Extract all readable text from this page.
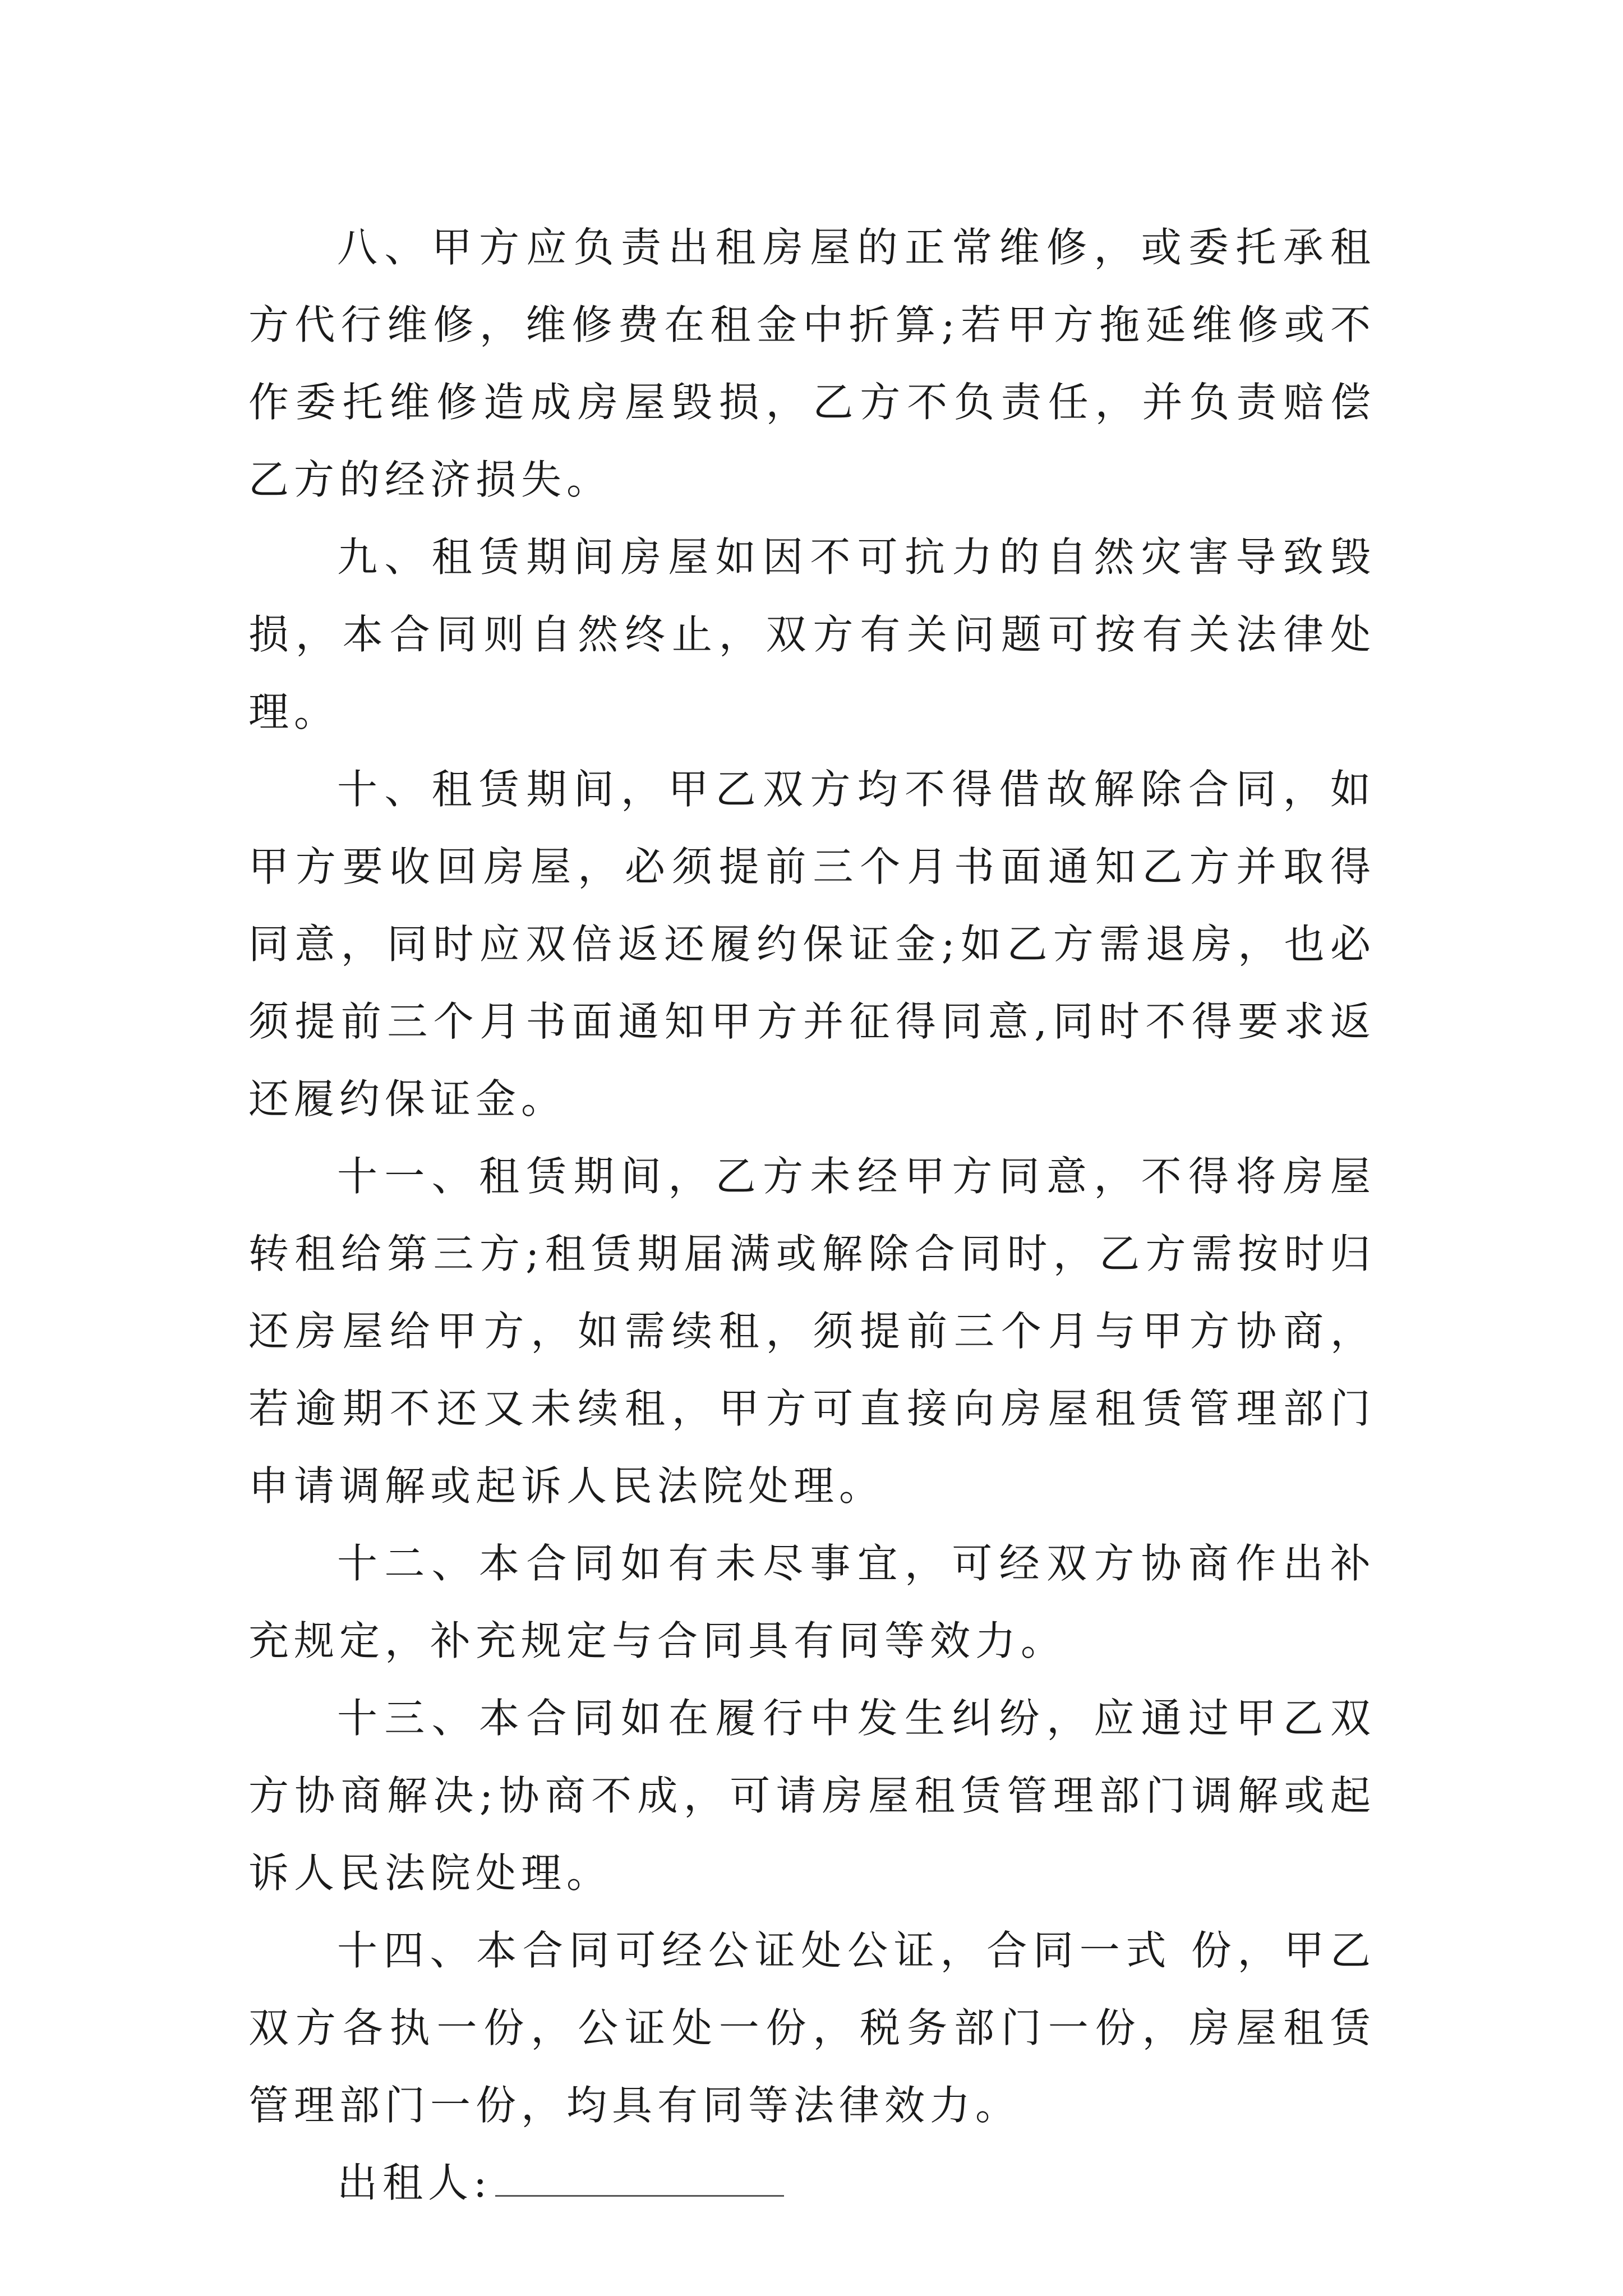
八、甲方应负责出租房屋的正常维修，或委托承租方代行维修，维修费在租金中折算;若甲方拖延维修或不作委托维修造成房屋毁损，乙方不负责任，并负责赔偿乙方的经济损失。

九、租赁期间房屋如因不可抗力的自然灾害导致毁损，本合同则自然终止，双方有关问题可按有关法律处理。

十、租赁期间，甲乙双方均不得借故解除合同，如甲方要收回房屋，必须提前三个月书面通知乙方并取得同意，同时应双倍返还履约保证金;如乙方需退房，也必须提前三个月书面通知甲方并征得同意,同时不得要求返还履约保证金。

十一、租赁期间，乙方未经甲方同意，不得将房屋转租给第三方;租赁期届满或解除合同时，乙方需按时归还房屋给甲方，如需续租，须提前三个月与甲方协商，若逾期不还又未续租，甲方可直接向房屋租赁管理部门申请调解或起诉人民法院处理。

十二、本合同如有未尽事宜，可经双方协商作出补充规定，补充规定与合同具有同等效力。

十三、本合同如在履行中发生纠纷，应通过甲乙双方协商解决;协商不成，可请房屋租赁管理部门调解或起诉人民法院处理。

十四、本合同可经公证处公证，合同一式 份，甲乙双方各执一份，公证处一份，税务部门一份，房屋租赁管理部门一份，均具有同等法律效力。

出租人:
